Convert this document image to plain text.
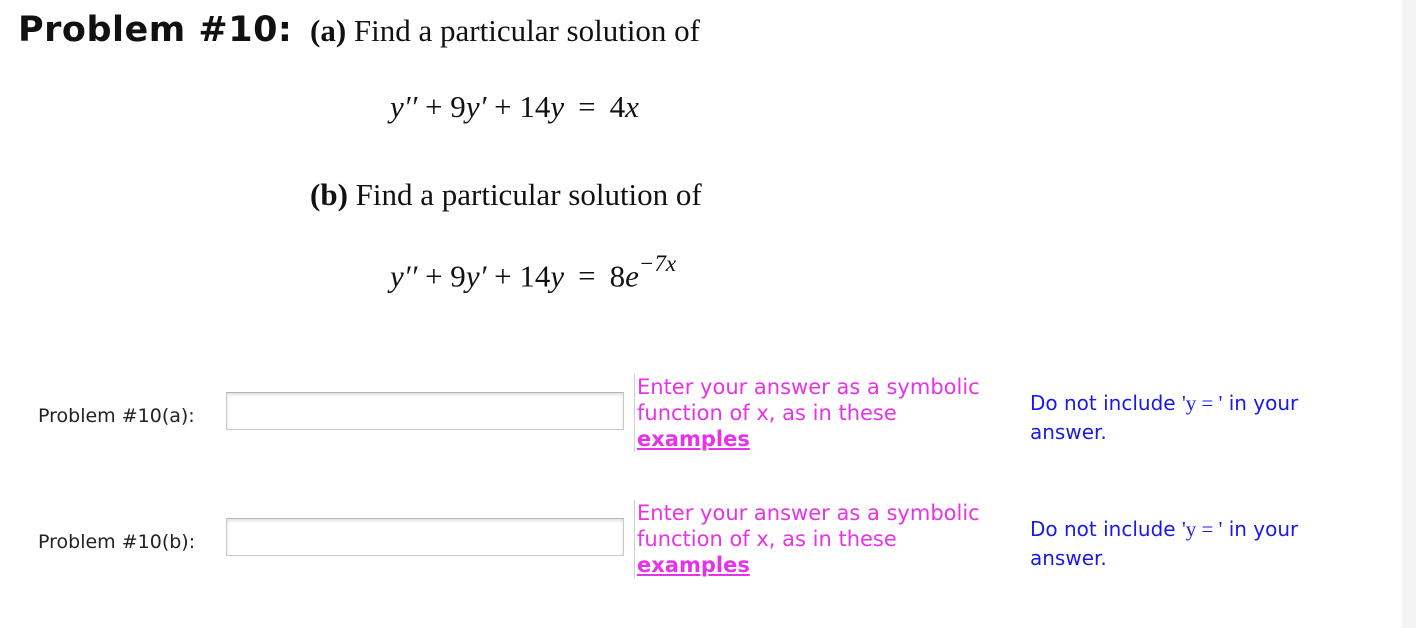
Problem #10: (a) Find a particular solution of
y′′ + 9y′ + 14y = 4x
(b) Find a particular solution of
$y'' + 9y' + 14y = 8e^{-7x}$
Problem #10(a):
Enter your answer as a symbolic function of x, as in these
examples
Do not include 'y = ' in your answer.
Problem #10(b):
Enter your answer as a symbolic function of x, as in these
examples
Do not include 'y = ' in your answer.
